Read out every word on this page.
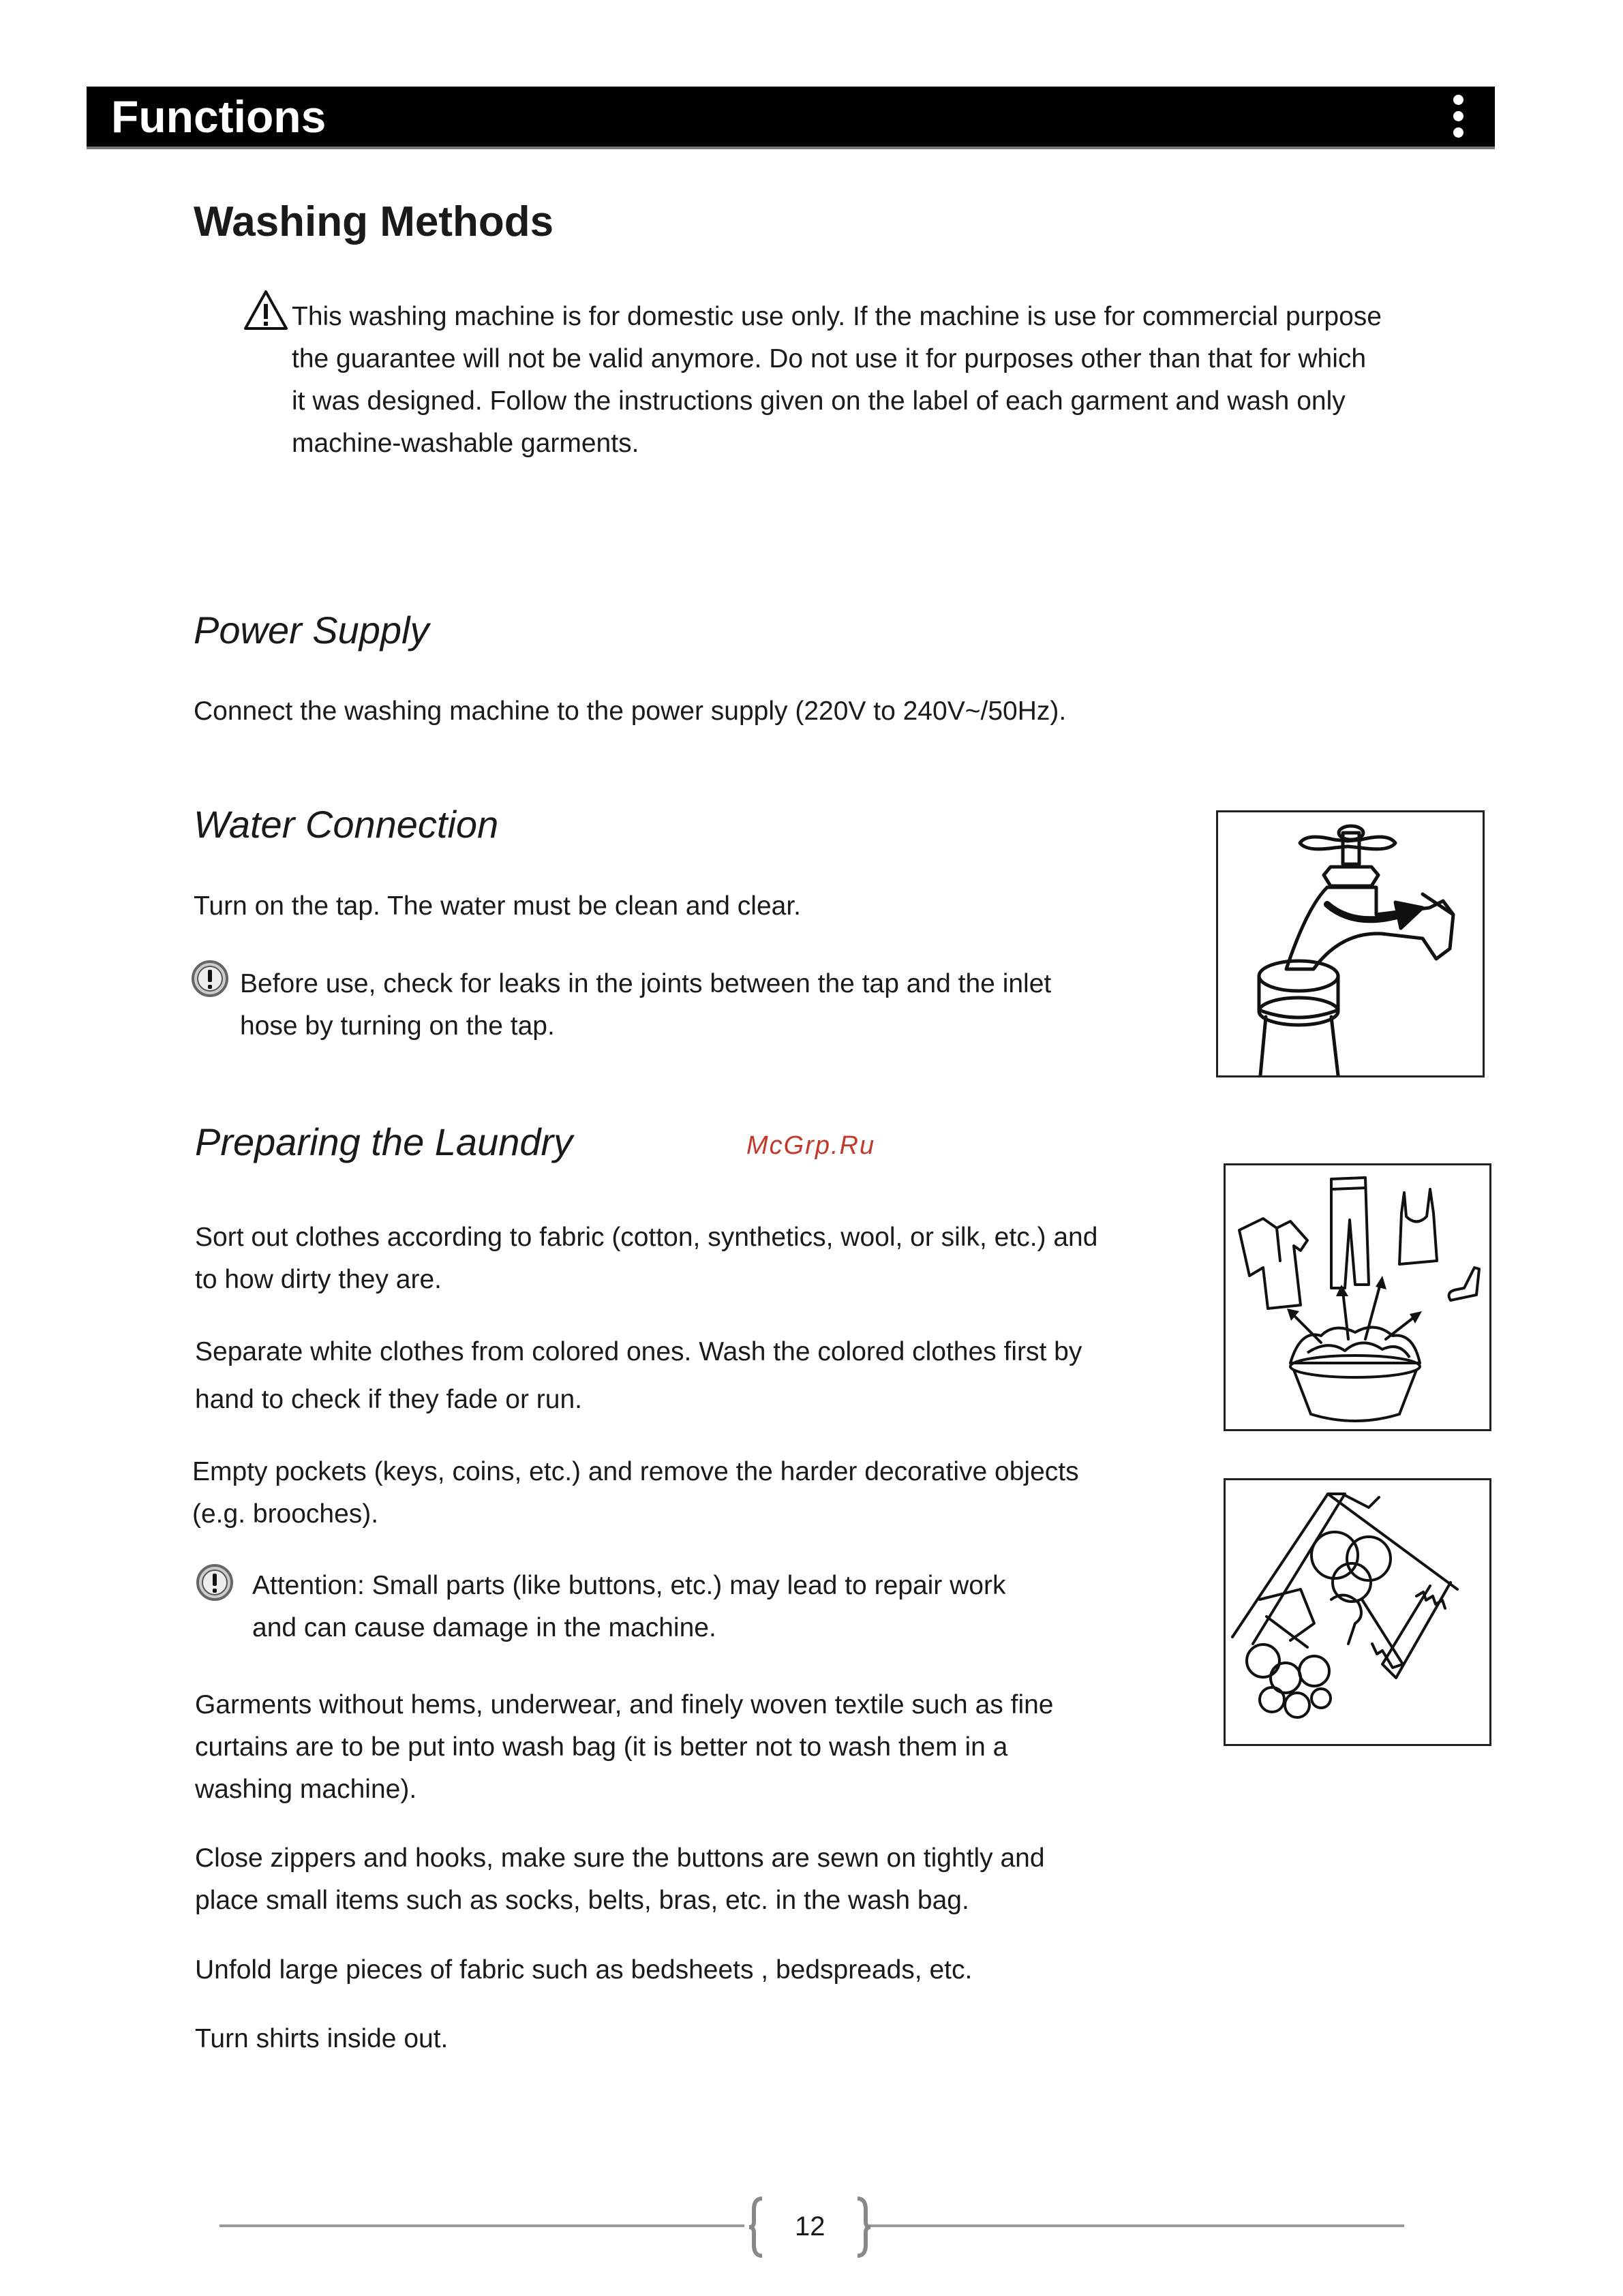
Functions
Washing Methods
This washing machine is for domestic use only. If the machine is use for commercial purpose
the guarantee will not be valid anymore. Do not use it for purposes other than that for which
it was designed. Follow the instructions given on the label of each garment and wash only
machine-washable garments.
Power Supply
Connect the washing machine to the power supply (220V to 240V~/50Hz).
Water Connection
Turn on the tap. The water must be clean and clear.
Before use, check for leaks in the joints between the tap and the inlet
hose by turning on the tap.
Preparing the Laundry	McGrp.Ru
Sort out clothes according to fabric (cotton, synthetics, wool, or silk, etc.) and
to how dirty they are.
Separate white clothes from colored ones. Wash the colored clothes first by
hand to check if they fade or run.
Empty pockets (keys, coins, etc.) and remove the harder decorative objects
(e.g. brooches).
Attention: Small parts (like buttons, etc.) may lead to repair work
and can cause damage in the machine.
Garments without hems, underwear, and finely woven textile such as fine
curtains are to be put into wash bag (it is better not to wash them in a
washing machine).
Close zippers and hooks, make sure the buttons are sewn on tightly and
place small items such as socks, belts, bras, etc. in the wash bag.
Unfold large pieces of fabric such as bedsheets , bedspreads, etc.
Turn shirts inside out.
12
